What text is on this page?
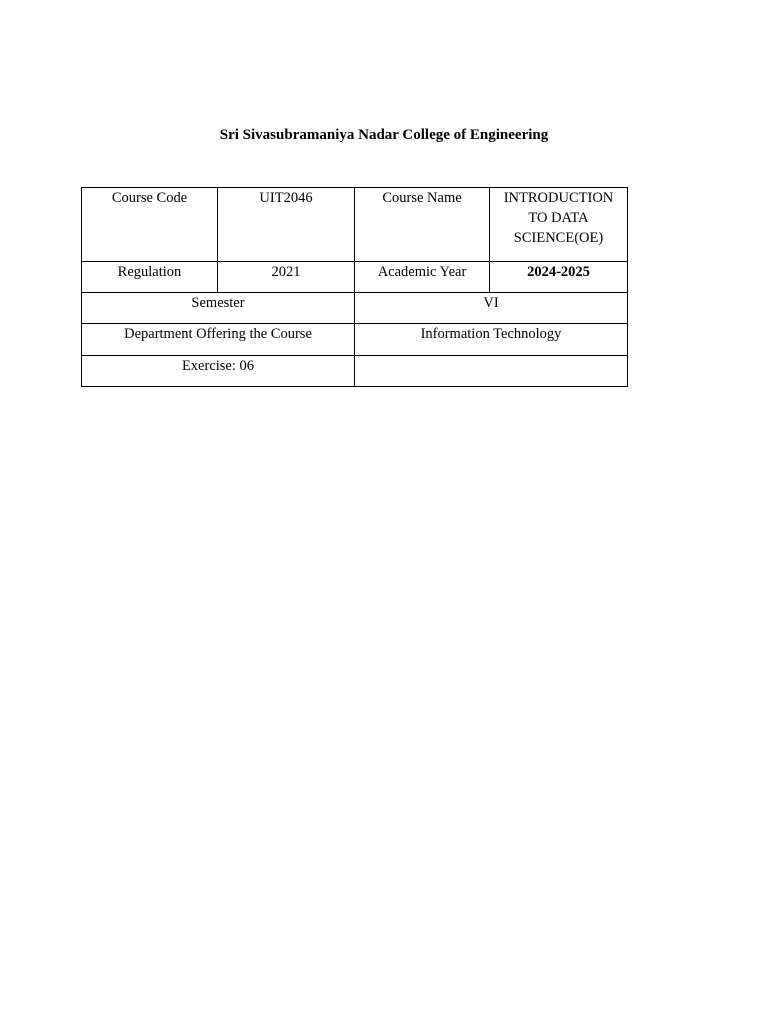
Sri Sivasubramaniya Nadar College of Engineering
Course Code	UIT2046	Course Name	INTRODUCTION TO DATA SCIENCE(OE)
Regulation	2021	Academic Year	2024-2025
Semester		VI	
Department Offering the Course		Information Technology	
Exercise: 06			
